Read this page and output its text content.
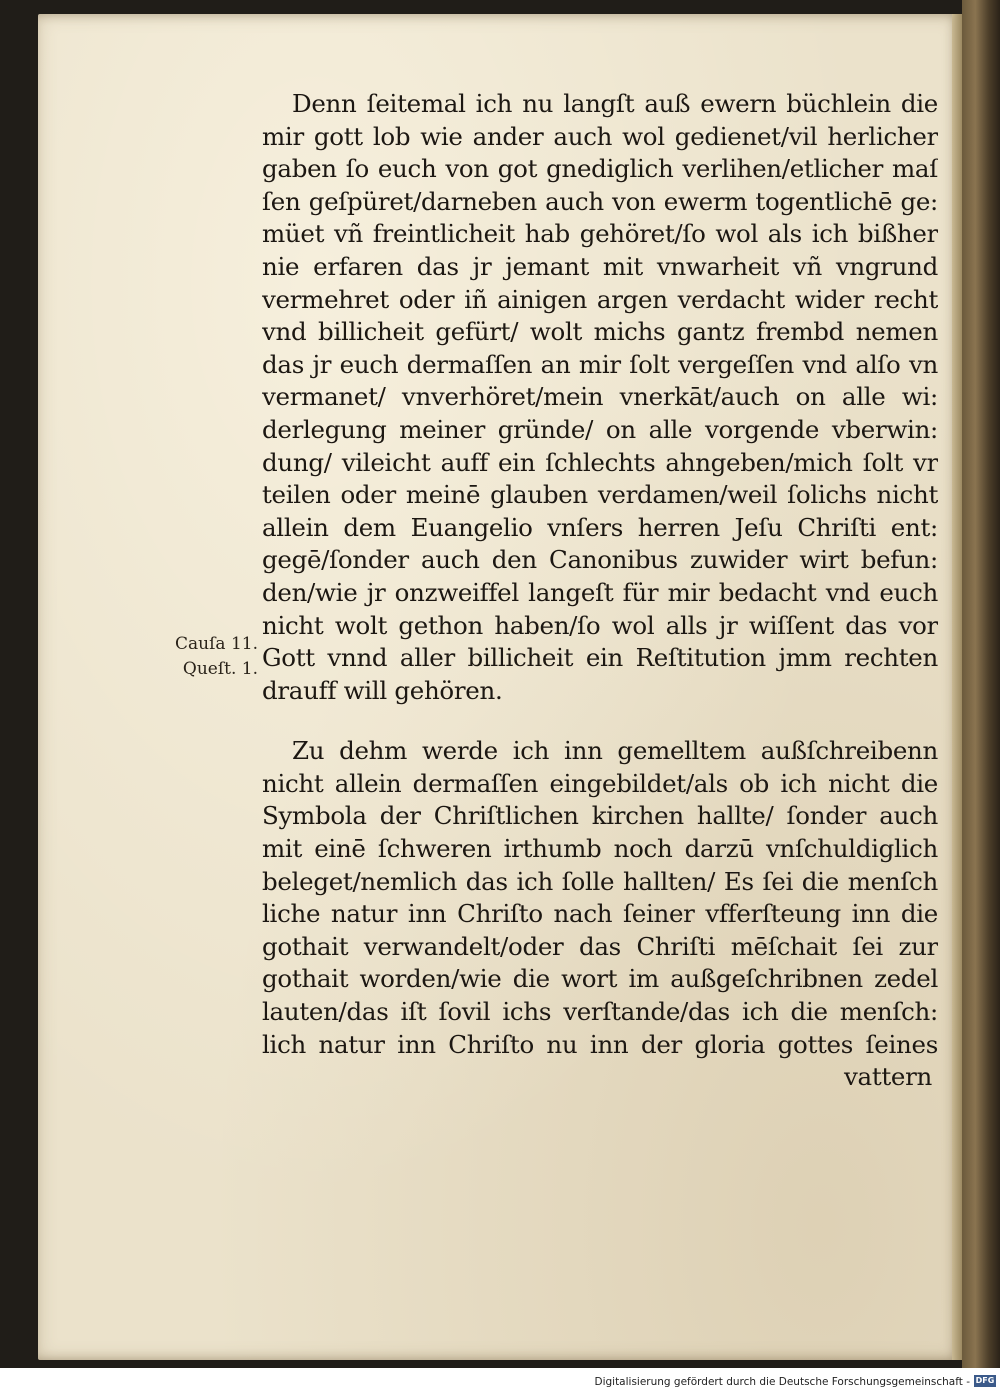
Denn ſeitemal ich nu langſt auß ewern büchlein die
mir gott lob wie ander auch wol gedienet/vil herlicher
gaben ſo euch von got gnediglich verlihen/etlicher maſ
ſen geſpüret/darneben auch von ewerm togentlichē ge:
müet vñ freintlicheit hab gehöret/ſo wol als ich bißher
nie erfaren das jr jemant mit vnwarheit vñ vngrund
vermehret oder iñ ainigen argen verdacht wider recht
vnd billicheit gefürt/ wolt michs gantz frembd nemen
das jr euch dermaſſen an mir ſolt vergeſſen vnd alſo vn
vermanet/ vnverhöret/mein vnerkāt/auch on alle wi:
derlegung meiner gründe/ on alle vorgende vberwin:
dung/ vileicht auff ein ſchlechts ahngeben/mich ſolt vr
teilen oder meinē glauben verdamen/weil ſolichs nicht
allein dem Euangelio vnſers herren Jeſu Chriſti ent:
gegē/ſonder auch den Canonibus zuwider wirt befun:
den/wie jr onzweiffel langeſt für mir bedacht vnd euch
nicht wolt gethon haben/ſo wol alls jr wiſſent das vor
Gott vnnd aller billicheit ein Reſtitution jmm rechten
drauff will gehören.
Zu dehm werde ich inn gemelltem außſchreibenn
nicht allein dermaſſen eingebildet/als ob ich nicht die
Symbola der Chriſtlichen kirchen hallte/ ſonder auch
mit einē ſchweren irthumb noch darzū vnſchuldiglich
beleget/nemlich das ich ſolle hallten/ Es ſei die menſch
liche natur inn Chriſto nach ſeiner vfferſteung inn die
gothait verwandelt/oder das Chriſti mēſchait ſei zur
gothait worden/wie die wort im außgeſchribnen zedel
lauten/das iſt ſovil ichs verſtande/das ich die menſch:
lich natur inn Chriſto nu inn der gloria gottes ſeines
vattern
Cauſa 11.
Queſt. 1.
Digitalisierung gefördert durch die Deutsche Forschungsgemeinschaft - DFG
